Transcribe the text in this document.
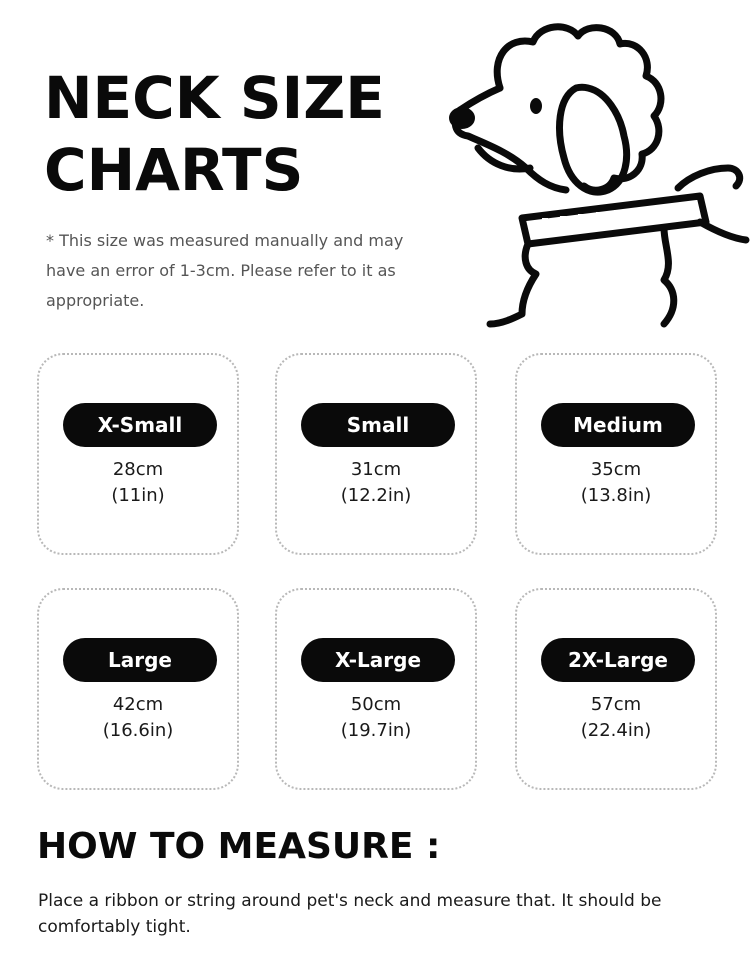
NECK SIZE
CHARTS
* This size was measured manually and may have an error of 1-3cm. Please refer to it as appropriate.
X-Small
28cm
(11in)
Small
31cm
(12.2in)
Medium
35cm
(13.8in)
Large
42cm
(16.6in)
X-Large
50cm
(19.7in)
2X-Large
57cm
(22.4in)
HOW TO MEASURE :
Place a ribbon or string around pet's neck and measure that. It should be comfortably tight.
